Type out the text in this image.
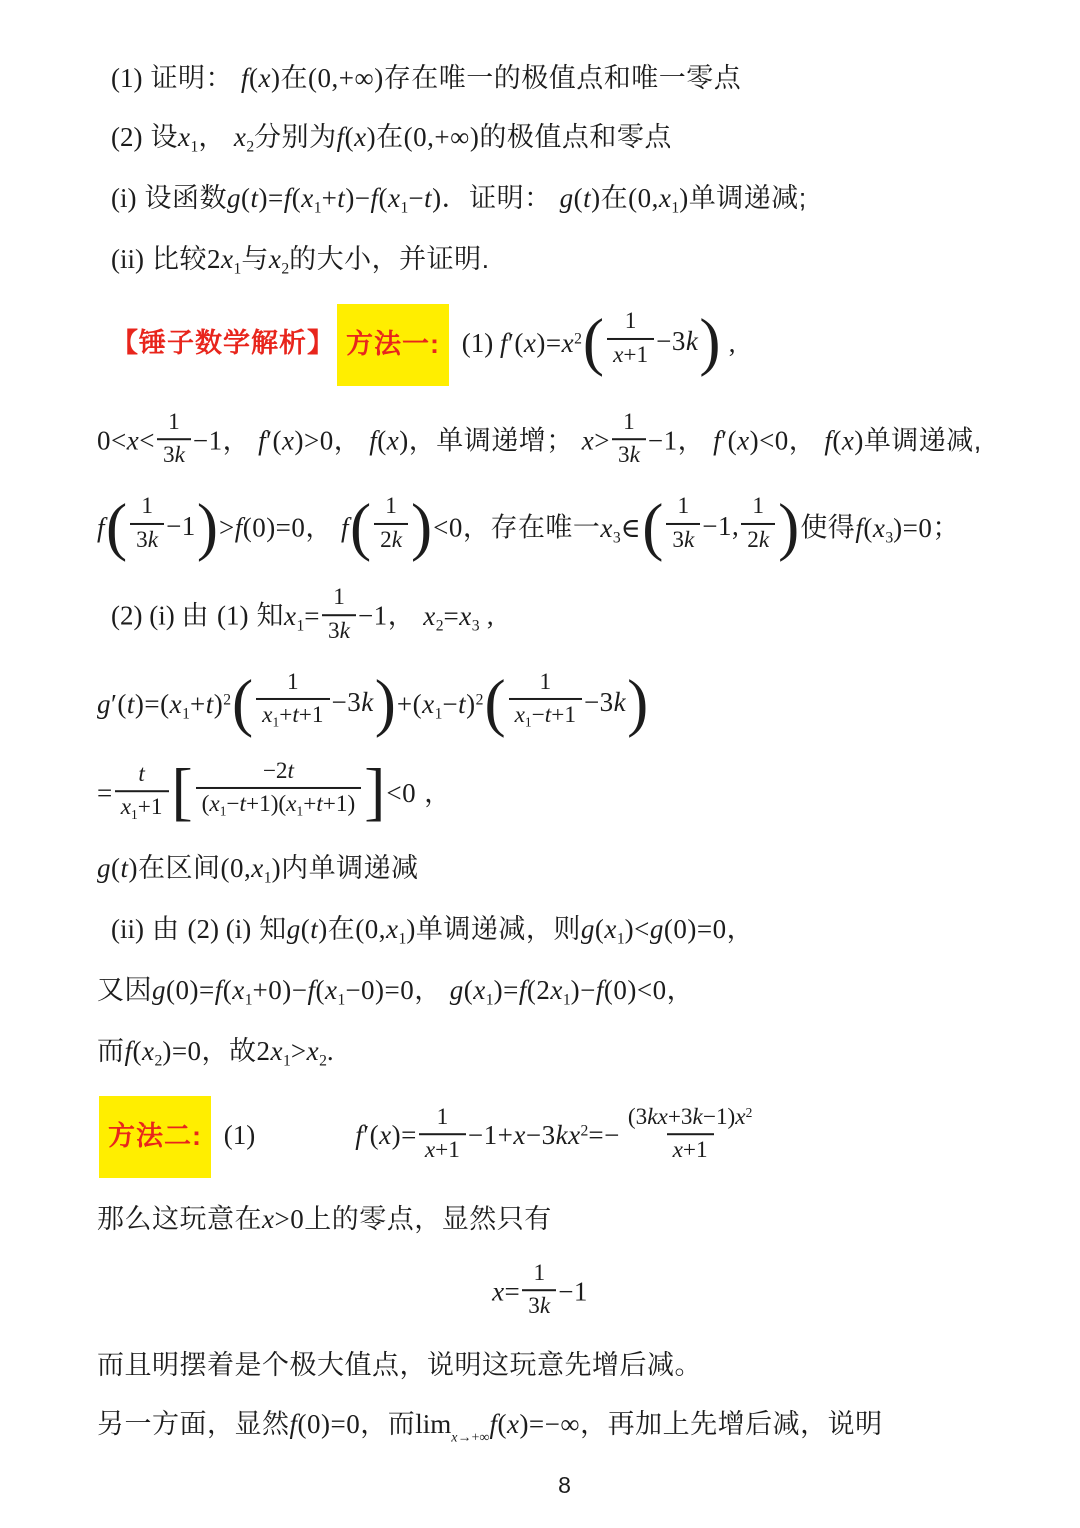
(1) 证明： f(x)在(0,+∞)存在唯一的极值点和唯一零点
(2) 设$x_1$， $x_2$分别为f(x)在(0,+∞)的极值点和零点
(i) 设函数$g(t)=f(x_1+t)-f(x_1-t)$．证明： g(t)在$(0,x_1)$单调递减;
(ii) 比较$2x_1$与$x_2$的大小，并证明.
【锤子数学解析】 方法一: (1) $f'(x)=x^2$ ( $\frac{1}{x+1} -3k$ ) ,
$0<x< \frac{1}{3k} -1$， f′(x)>0， f(x)，单调递增； $x> \frac{1}{3k} -1$， f′(x)<0， f(x)单调递减,
f ( $\frac{1}{3k} -1$ ) >f(0)=0， f ( $\frac{1}{2k}$ ) <0，存在唯一$x_3\in$ ( $\frac{1}{3k} -1$, $\frac{1}{2k}$ ) 使得$f(x_3)=0$；
(2) (i) 由 (1) 知$x_1= \frac{1}{3k} -1$， $x_2=x_3$ ,
$g'(t)=(x_1+t)^2$ ( $\frac{1}{x_1+t+1} -3k$ ) $+(x_1-t)^2$ ( $\frac{1}{x_1-t+1} -3k$ )
= $\frac{t}{x_1+1}$ [ $\frac{-2t}{(x_1-t+1)(x_1+t+1)}$ ] <0 ，
g(t)在区间$(0,x_1)$内单调递减
(ii) 由 (2) (i) 知g(t)在$(0,x_1)$单调递减，则$g(x_1)<g(0)=0$，
又因$g(0)=f(x_1+0)-f(x_1-0)=0$， $g(x_1)=f(2x_1)-f(0)<0$，
而$f(x_2)=0$，故$2x_1>x_2$.
方法二: (1)	$f'(x)= \frac{1}{x+1} -1+x-3kx^2=- \frac{(3kx+3k-1)x^2}{x+1}$
那么这玩意在x>0上的零点，显然只有
$x= \frac{1}{3k} -1$
而且明摆着是个极大值点，说明这玩意先增后减。
另一方面，显然f(0)=0，而$\lim_{x\to+\infty}f(x)=-\infty$，再加上先增后减，说明
8
